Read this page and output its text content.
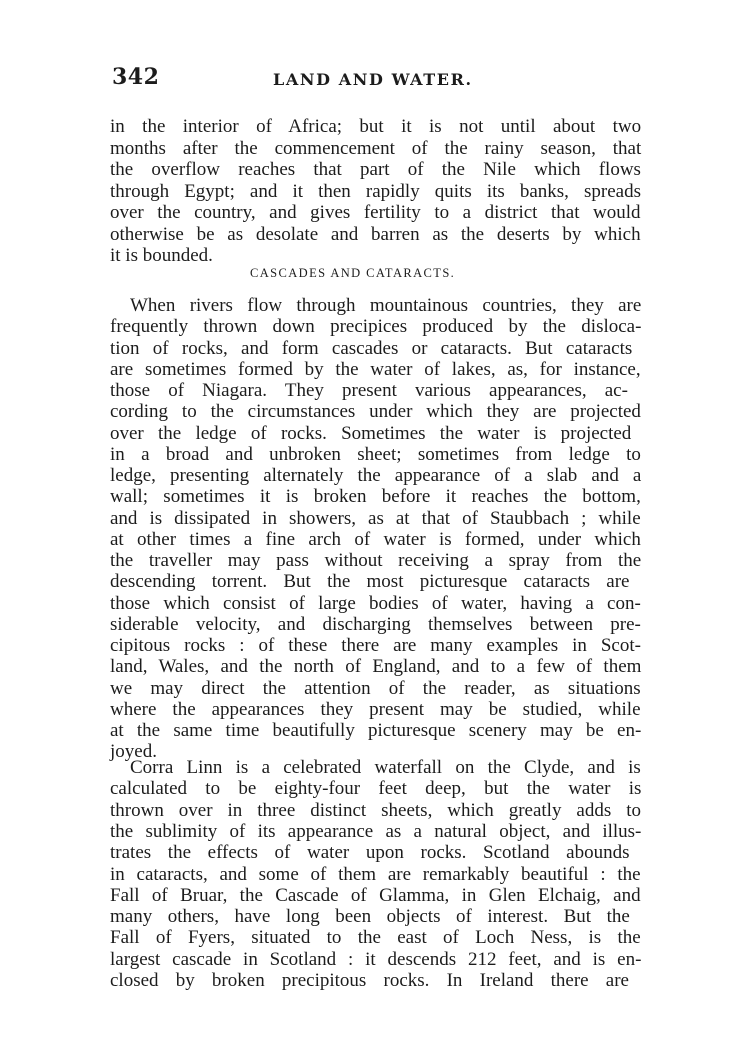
342	LAND AND WATER.
in the interior of Africa; but it is not until about two
months after the commencement of the rainy season, that
the overflow reaches that part of the Nile which flows
through Egypt; and it then rapidly quits its banks, spreads
over the country, and gives fertility to a district that would
otherwise be as desolate and barren as the deserts by which
it is bounded.
CASCADES AND CATARACTS.
When rivers flow through mountainous countries, they are
frequently thrown down precipices produced by the disloca-
tion of rocks, and form cascades or cataracts. But cataracts
are sometimes formed by the water of lakes, as, for instance,
those of Niagara. They present various appearances, ac-
cording to the circumstances under which they are projected
over the ledge of rocks. Sometimes the water is projected
in a broad and unbroken sheet; sometimes from ledge to
ledge, presenting alternately the appearance of a slab and a
wall; sometimes it is broken before it reaches the bottom,
and is dissipated in showers, as at that of Staubbach ; while
at other times a fine arch of water is formed, under which
the traveller may pass without receiving a spray from the
descending torrent. But the most picturesque cataracts are
those which consist of large bodies of water, having a con-
siderable velocity, and discharging themselves between pre-
cipitous rocks : of these there are many examples in Scot-
land, Wales, and the north of England, and to a few of them
we may direct the attention of the reader, as situations
where the appearances they present may be studied, while
at the same time beautifully picturesque scenery may be en-
joyed.
Corra Linn is a celebrated waterfall on the Clyde, and is
calculated to be eighty-four feet deep, but the water is
thrown over in three distinct sheets, which greatly adds to
the sublimity of its appearance as a natural object, and illus-
trates the effects of water upon rocks. Scotland abounds
in cataracts, and some of them are remarkably beautiful : the
Fall of Bruar, the Cascade of Glamma, in Glen Elchaig, and
many others, have long been objects of interest. But the
Fall of Fyers, situated to the east of Loch Ness, is the
largest cascade in Scotland : it descends 212 feet, and is en-
closed by broken precipitous rocks. In Ireland there are
